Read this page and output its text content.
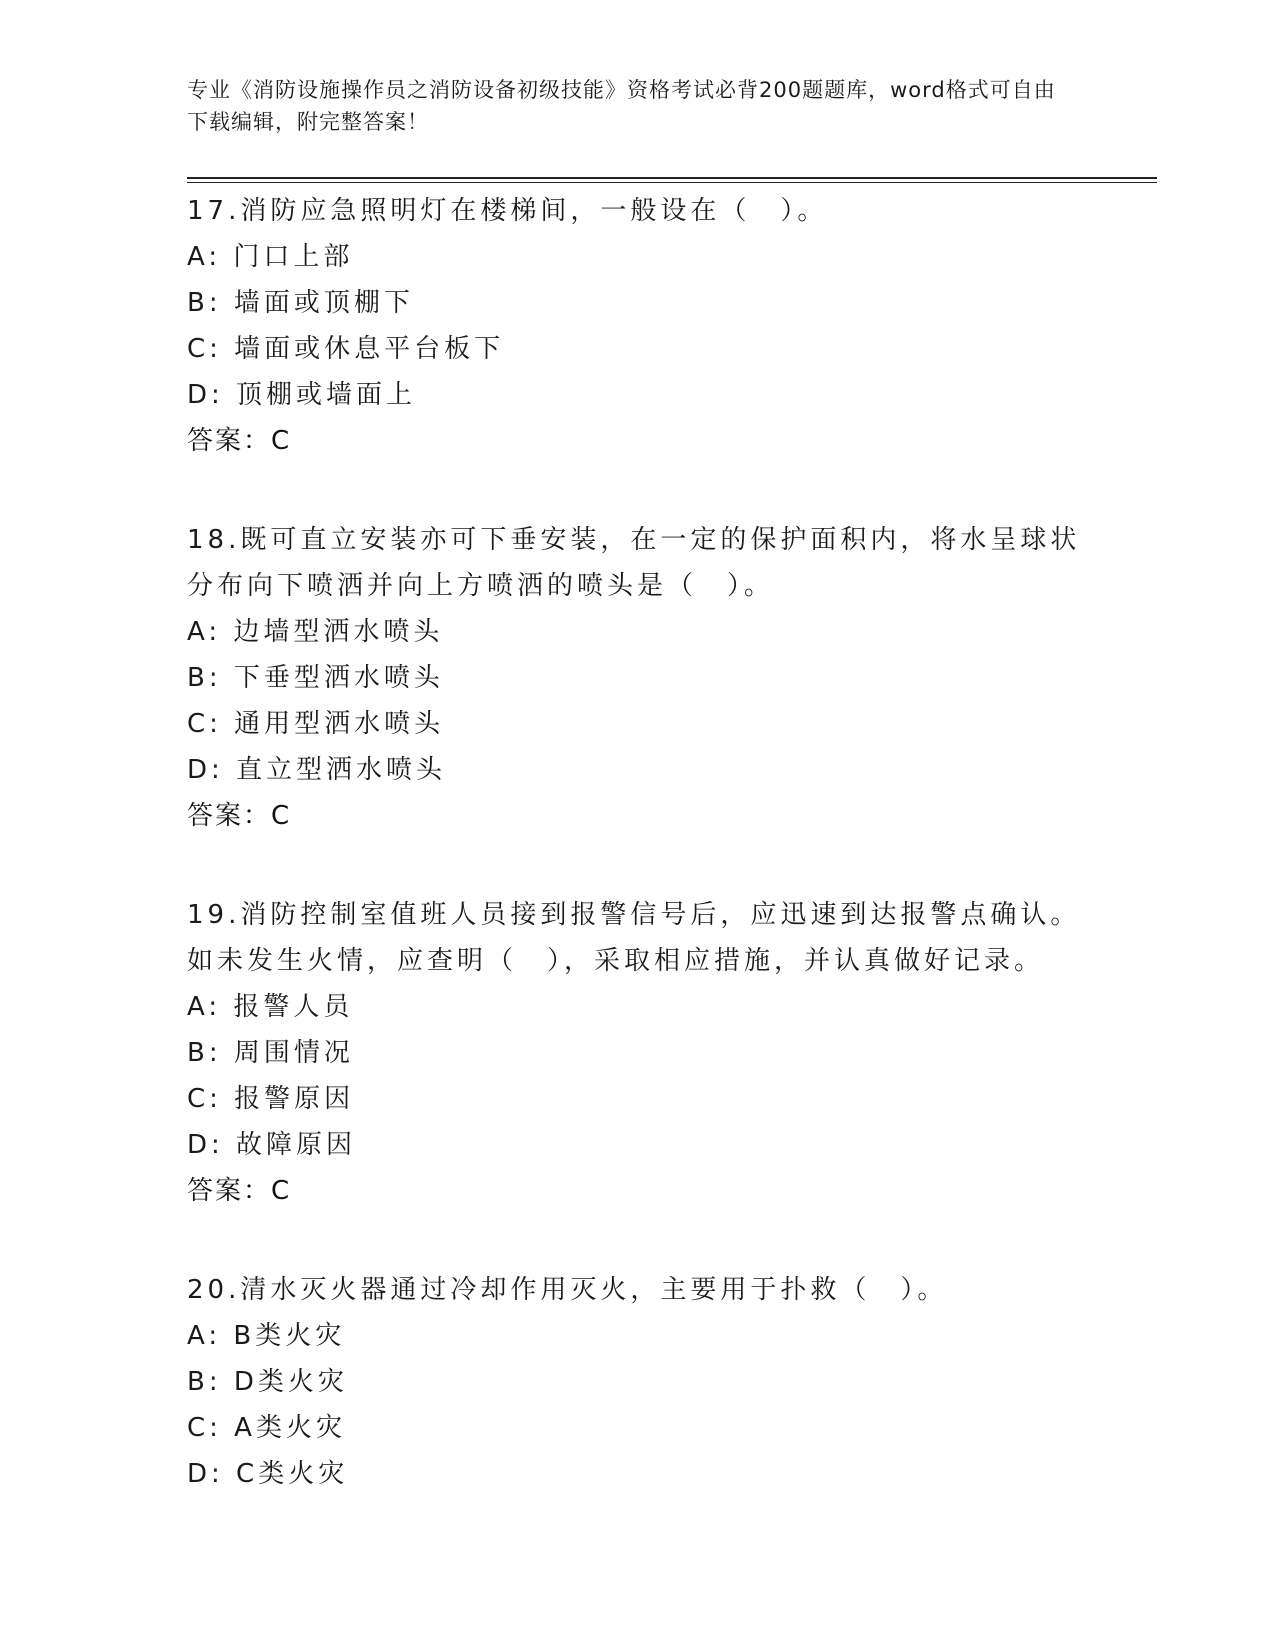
专业《消防设施操作员之消防设备初级技能》资格考试必背200题题库，word格式可自由下载编辑，附完整答案！
17.消防应急照明灯在楼梯间，一般设在（　）。
A: 门口上部
B: 墙面或顶棚下
C: 墙面或休息平台板下
D: 顶棚或墙面上
答案：C
18.既可直立安装亦可下垂安装，在一定的保护面积内，将水呈球状分布向下喷洒并向上方喷洒的喷头是（　）。
A: 边墙型洒水喷头
B: 下垂型洒水喷头
C: 通用型洒水喷头
D: 直立型洒水喷头
答案：C
19.消防控制室值班人员接到报警信号后，应迅速到达报警点确认。如未发生火情，应查明（　），采取相应措施，并认真做好记录。
A: 报警人员
B: 周围情况
C: 报警原因
D: 故障原因
答案：C
20.清水灭火器通过冷却作用灭火，主要用于扑救（　）。
A: B类火灾
B: D类火灾
C: A类火灾
D: C类火灾
